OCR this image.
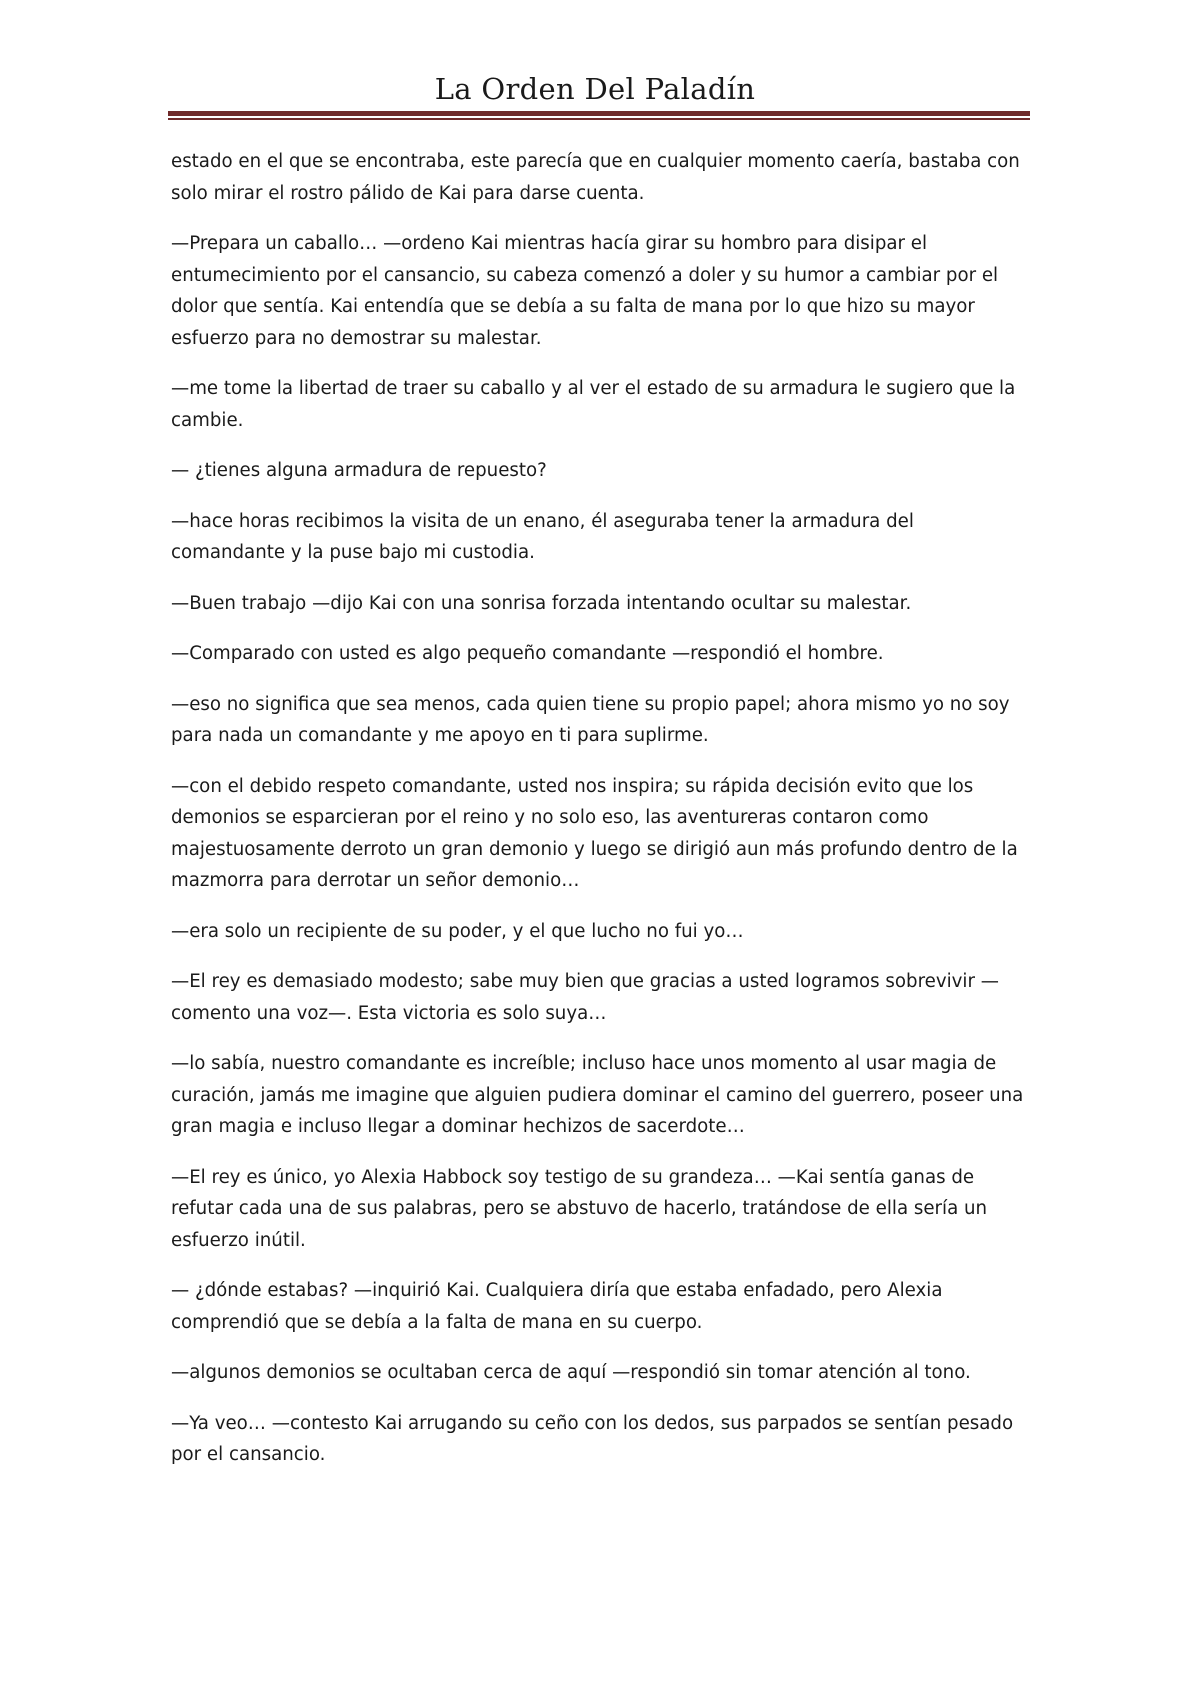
La Orden Del Paladín

estado en el que se encontraba, este parecía que en cualquier momento caería, bastaba con solo mirar el rostro pálido de Kai para darse cuenta.

—Prepara un caballo… —ordeno Kai mientras hacía girar su hombro para disipar el entumecimiento por el cansancio, su cabeza comenzó a doler y su humor a cambiar por el dolor que sentía. Kai entendía que se debía a su falta de mana por lo que hizo su mayor esfuerzo para no demostrar su malestar.

—me tome la libertad de traer su caballo y al ver el estado de su armadura le sugiero que la cambie.

— ¿tienes alguna armadura de repuesto?

—hace horas recibimos la visita de un enano, él aseguraba tener la armadura del comandante y la puse bajo mi custodia.

—Buen trabajo —dijo Kai con una sonrisa forzada intentando ocultar su malestar.

—Comparado con usted es algo pequeño comandante —respondió el hombre.

—eso no significa que sea menos, cada quien tiene su propio papel; ahora mismo yo no soy para nada un comandante y me apoyo en ti para suplirme.

—con el debido respeto comandante, usted nos inspira; su rápida decisión evito que los demonios se esparcieran por el reino y no solo eso, las aventureras contaron como majestuosamente derroto un gran demonio y luego se dirigió aun más profundo dentro de la mazmorra para derrotar un señor demonio…

—era solo un recipiente de su poder, y el que lucho no fui yo…

—El rey es demasiado modesto; sabe muy bien que gracias a usted logramos sobrevivir — comento una voz—. Esta victoria es solo suya…

—lo sabía, nuestro comandante es increíble; incluso hace unos momento al usar magia de curación, jamás me imagine que alguien pudiera dominar el camino del guerrero, poseer una gran magia e incluso llegar a dominar hechizos de sacerdote…

—El rey es único, yo Alexia Habbock soy testigo de su grandeza… —Kai sentía ganas de refutar cada una de sus palabras, pero se abstuvo de hacerlo, tratándose de ella sería un esfuerzo inútil.

— ¿dónde estabas? —inquirió Kai. Cualquiera diría que estaba enfadado, pero Alexia comprendió que se debía a la falta de mana en su cuerpo.

—algunos demonios se ocultaban cerca de aquí —respondió sin tomar atención al tono.

—Ya veo… —contesto Kai arrugando su ceño con los dedos, sus parpados se sentían pesado por el cansancio.
